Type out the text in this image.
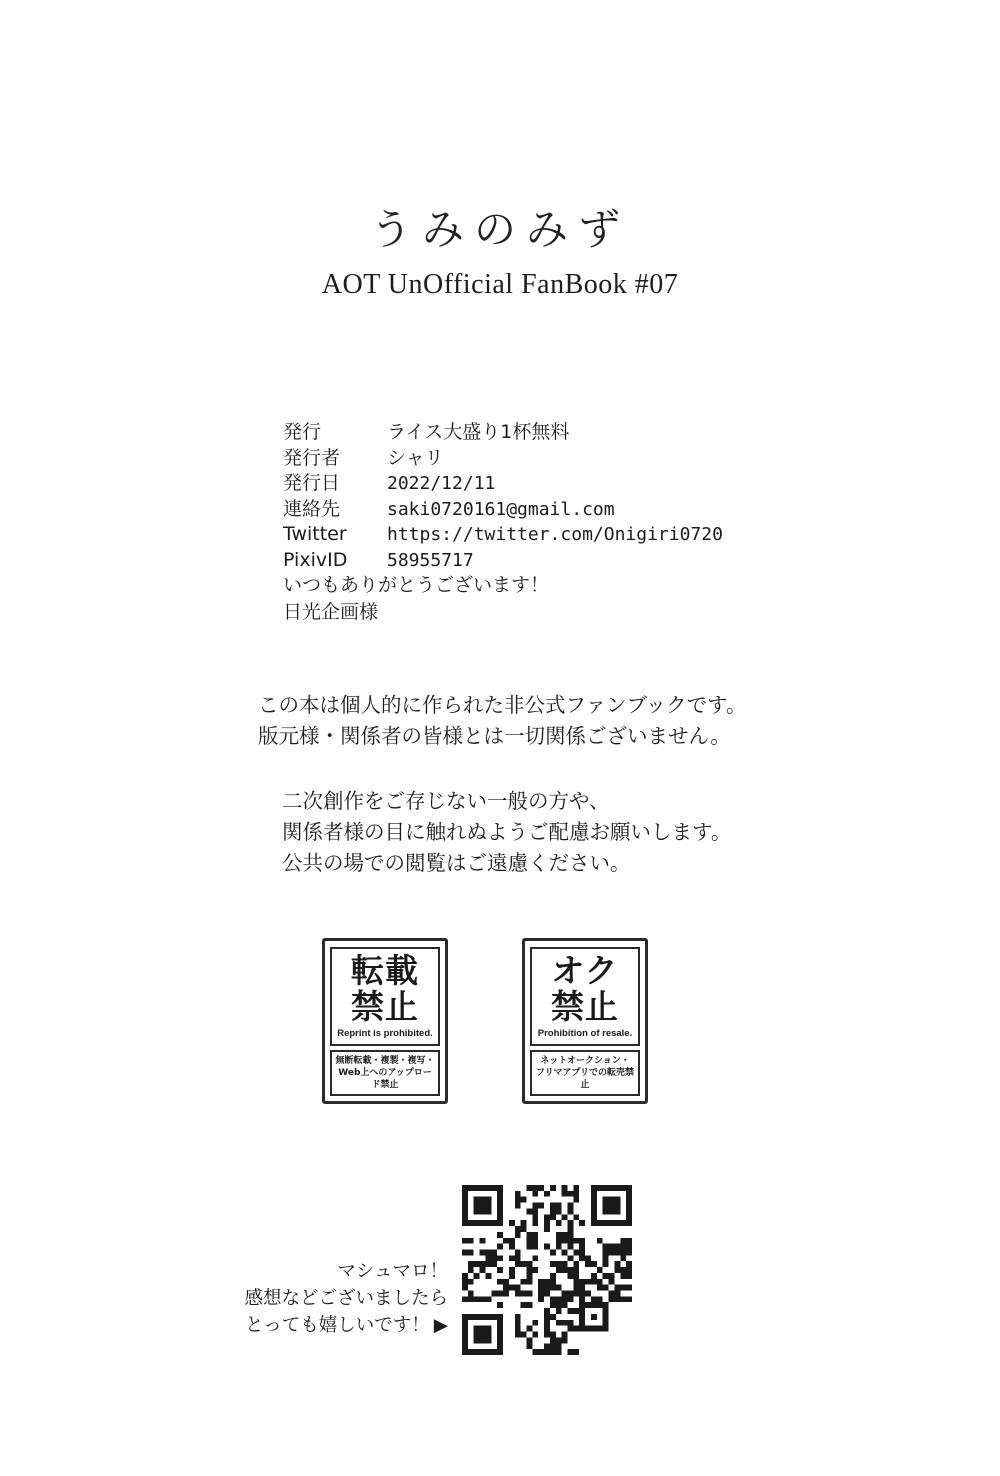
うみのみず
AOT UnOfficial FanBook #07
発行	ライス大盛り1杯無料
発行者	シャリ
発行日	2022/12/11
連絡先	saki0720161@gmail.com
Twitter	https://twitter.com/Onigiri0720
PixivID	58955717
いつもありがとうございます！
日光企画様
この本は個人的に作られた非公式ファンブックです。
版元様・関係者の皆様とは一切関係ございません。
二次創作をご存じない一般の方や、
関係者様の目に触れぬようご配慮お願いします。
公共の場での閲覧はご遠慮ください。
転載
禁止
Reprint is prohibited.
無断転載・複製・複写・
Web上へのアップロード禁止
オク
禁止
Prohibition of resale.
ネットオークション・
フリマアプリでの転売禁止
マシュマロ！
感想などございましたら
とっても嬉しいです！ ▶
